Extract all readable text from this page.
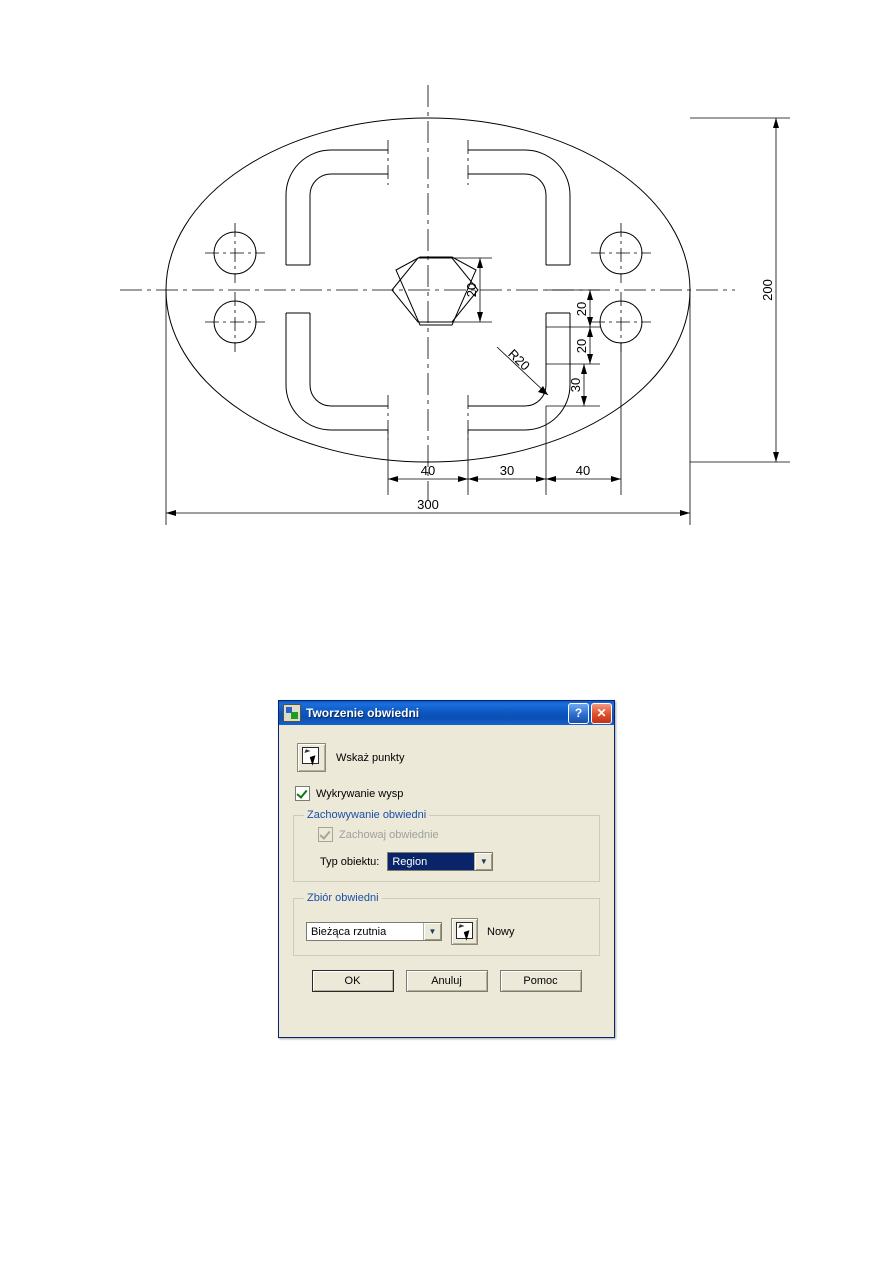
300
40	30	40
200
20
20
20
30
R20
Tworzenie obwiedni	?	✕
Wskaż punkty
Wykrywanie wysp
Zachowywanie obwiedni
Zachowaj obwiednie
Typ obiektu:	Region	▼
Zbiór obwiedni
Bieżąca rzutnia	▼	Nowy
OK	Anuluj	Pomoc
